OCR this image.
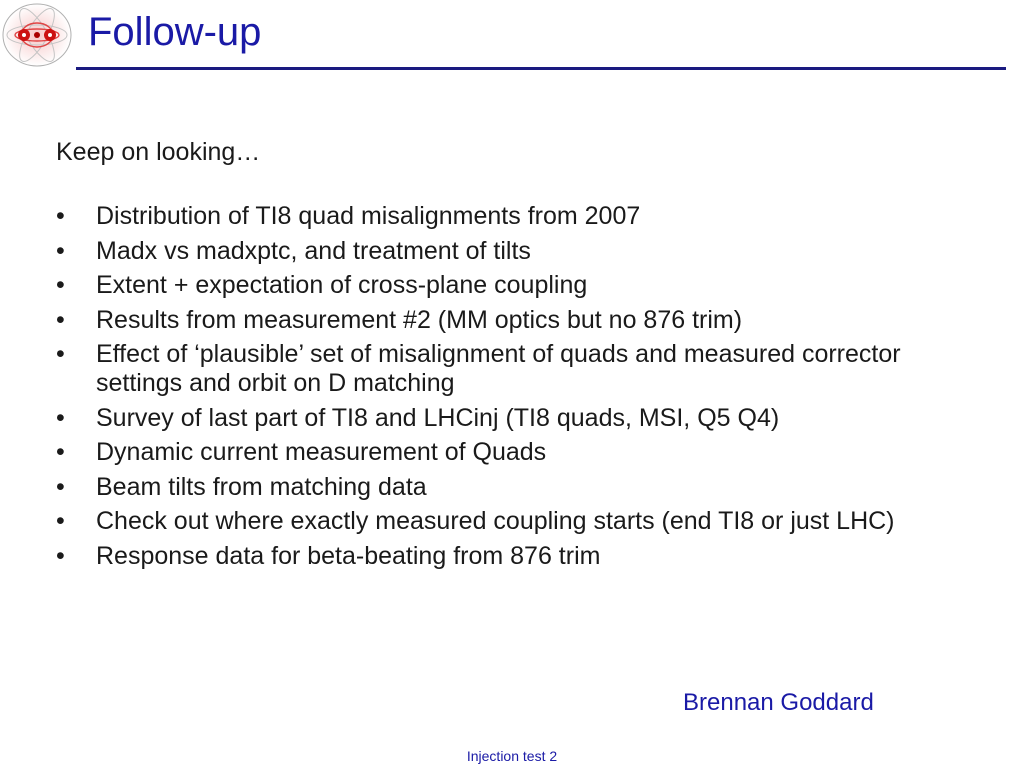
Follow-up
Keep on looking…
•	Distribution of TI8 quad misalignments from 2007
•	Madx vs madxptc, and treatment of tilts
•	Extent + expectation of cross-plane coupling
•	Results from measurement #2 (MM optics but no 876 trim)
•	Effect of ‘plausible’ set of misalignment of quads and measured corrector settings and orbit on D matching
•	Survey of last part of TI8 and LHCinj (TI8 quads, MSI, Q5 Q4)
•	Dynamic current measurement of Quads
•	Beam tilts from matching data
•	Check out where exactly measured coupling starts (end TI8 or just LHC)
•	Response data for beta-beating from 876 trim
Brennan Goddard
Injection test 2
